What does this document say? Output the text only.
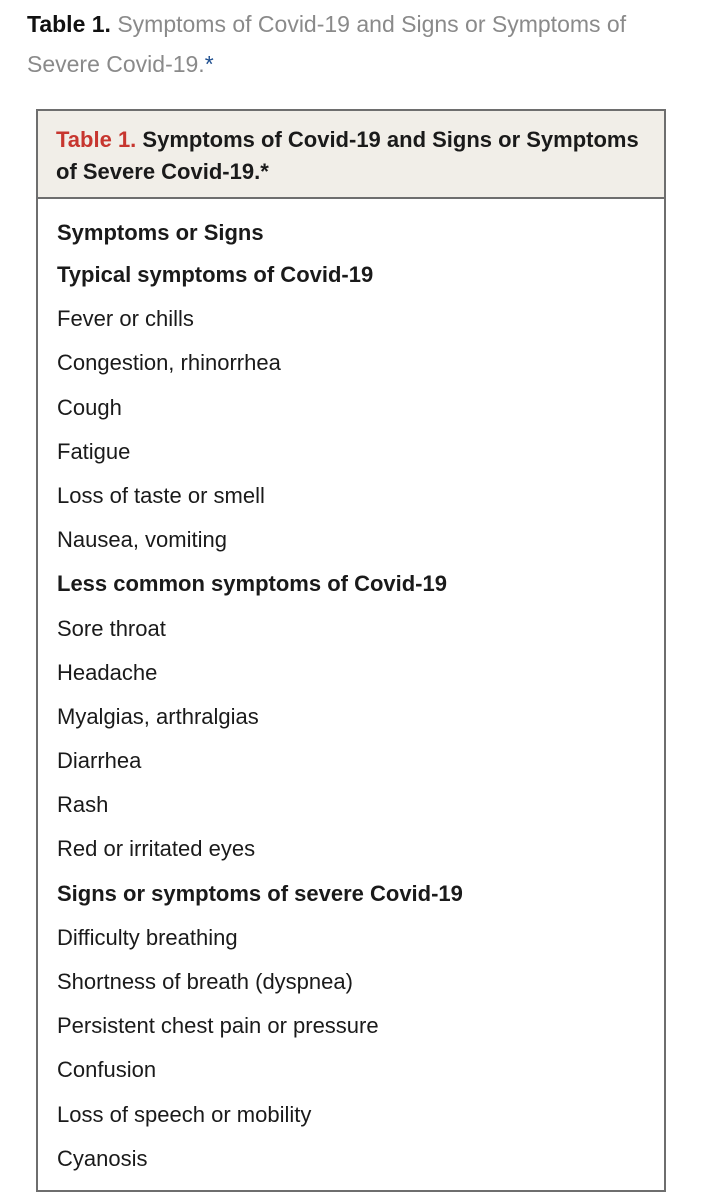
Table 1. Symptoms of Covid-19 and Signs or Symptoms of Severe Covid-19.*
Table 1. Symptoms of Covid-19 and Signs or Symptoms of Severe Covid-19.*
Symptoms or Signs
Typical symptoms of Covid-19
Fever or chills
Congestion, rhinorrhea
Cough
Fatigue
Loss of taste or smell
Nausea, vomiting
Less common symptoms of Covid-19
Sore throat
Headache
Myalgias, arthralgias
Diarrhea
Rash
Red or irritated eyes
Signs or symptoms of severe Covid-19
Difficulty breathing
Shortness of breath (dyspnea)
Persistent chest pain or pressure
Confusion
Loss of speech or mobility
Cyanosis
